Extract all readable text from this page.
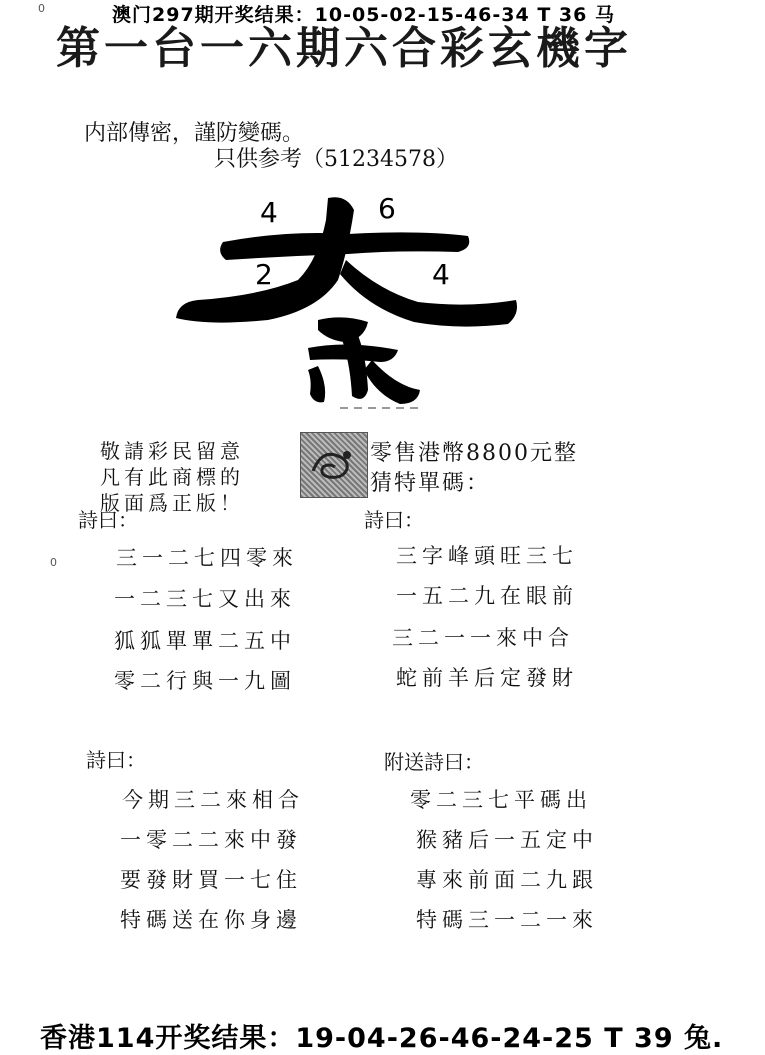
0	澳门297期开奖结果：10-05-02-15-46-34 T 36 马
第一台一六期六合彩玄機字
内部傳密，謹防變碼。
只供参考（51234578）
4	6
2	4
敬請彩民留意
凡有此商標的
版面爲正版！
零售港幣8800元整
猜特單碼：
0
詩曰：
三一二七四零來
一二三七又出來
狐狐單單二五中
零二行與一九圖
詩曰：
三字峰頭旺三七
一五二九在眼前
三二一一來中合
蛇前羊后定發財
詩曰：
今期三二來相合
一零二二來中發
要發財買一七住
特碼送在你身邊
附送詩曰：
零二三七平碼出
猴豬后一五定中
專來前面二九跟
特碼三一二一來
香港114开奖结果：19-04-26-46-24-25 T 39 兔.
